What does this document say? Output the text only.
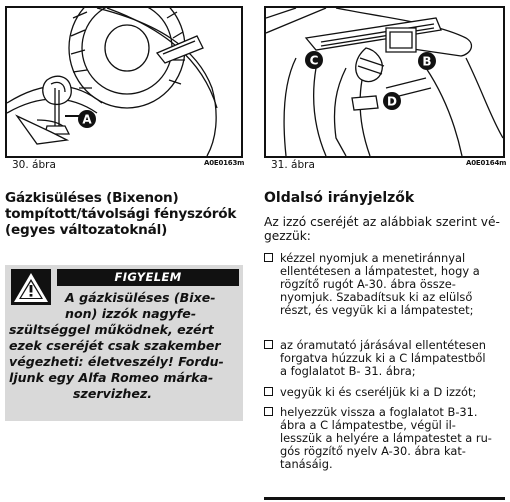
A
30. ábra	A0E0163m
C	B
D
31. ábra	A0E0164m
Gázkisüléses (Bixenon)
tompított/távolsági fényszórók
(egyes változatoknál)
FIGYELEM
A gázkisüléses (Bixe-
non) izzók nagyfe-
szültséggel működnek, ezért
ezek cseréjét csak szakember
végezheti: életveszély! Fordu-
ljunk egy Alfa Romeo márka-
szervizhez.
Oldalsó irányjelzők
Az izzó cseréjét az alábbiak szerint vé-
gezzük:
kézzel nyomjuk a menetiránnyal
ellentétesen a lámpatestet, hogy a
rögzítő rugót A-30. ábra össze-
nyomjuk. Szabadítsuk ki az elülső
részt, és vegyük ki a lámpatestet;
az óramutató járásával ellentétesen
forgatva húzzuk ki a C lámpatestből
a foglalatot B- 31. ábra;
vegyük ki és cseréljük ki a D izzót;
helyezzük vissza a foglalatot B-31.
ábra a C lámpatestbe, végül il-
lesszük a helyére a lámpatestet a ru-
gós rögzítő nyelv A-30. ábra kat-
tanásáig.
